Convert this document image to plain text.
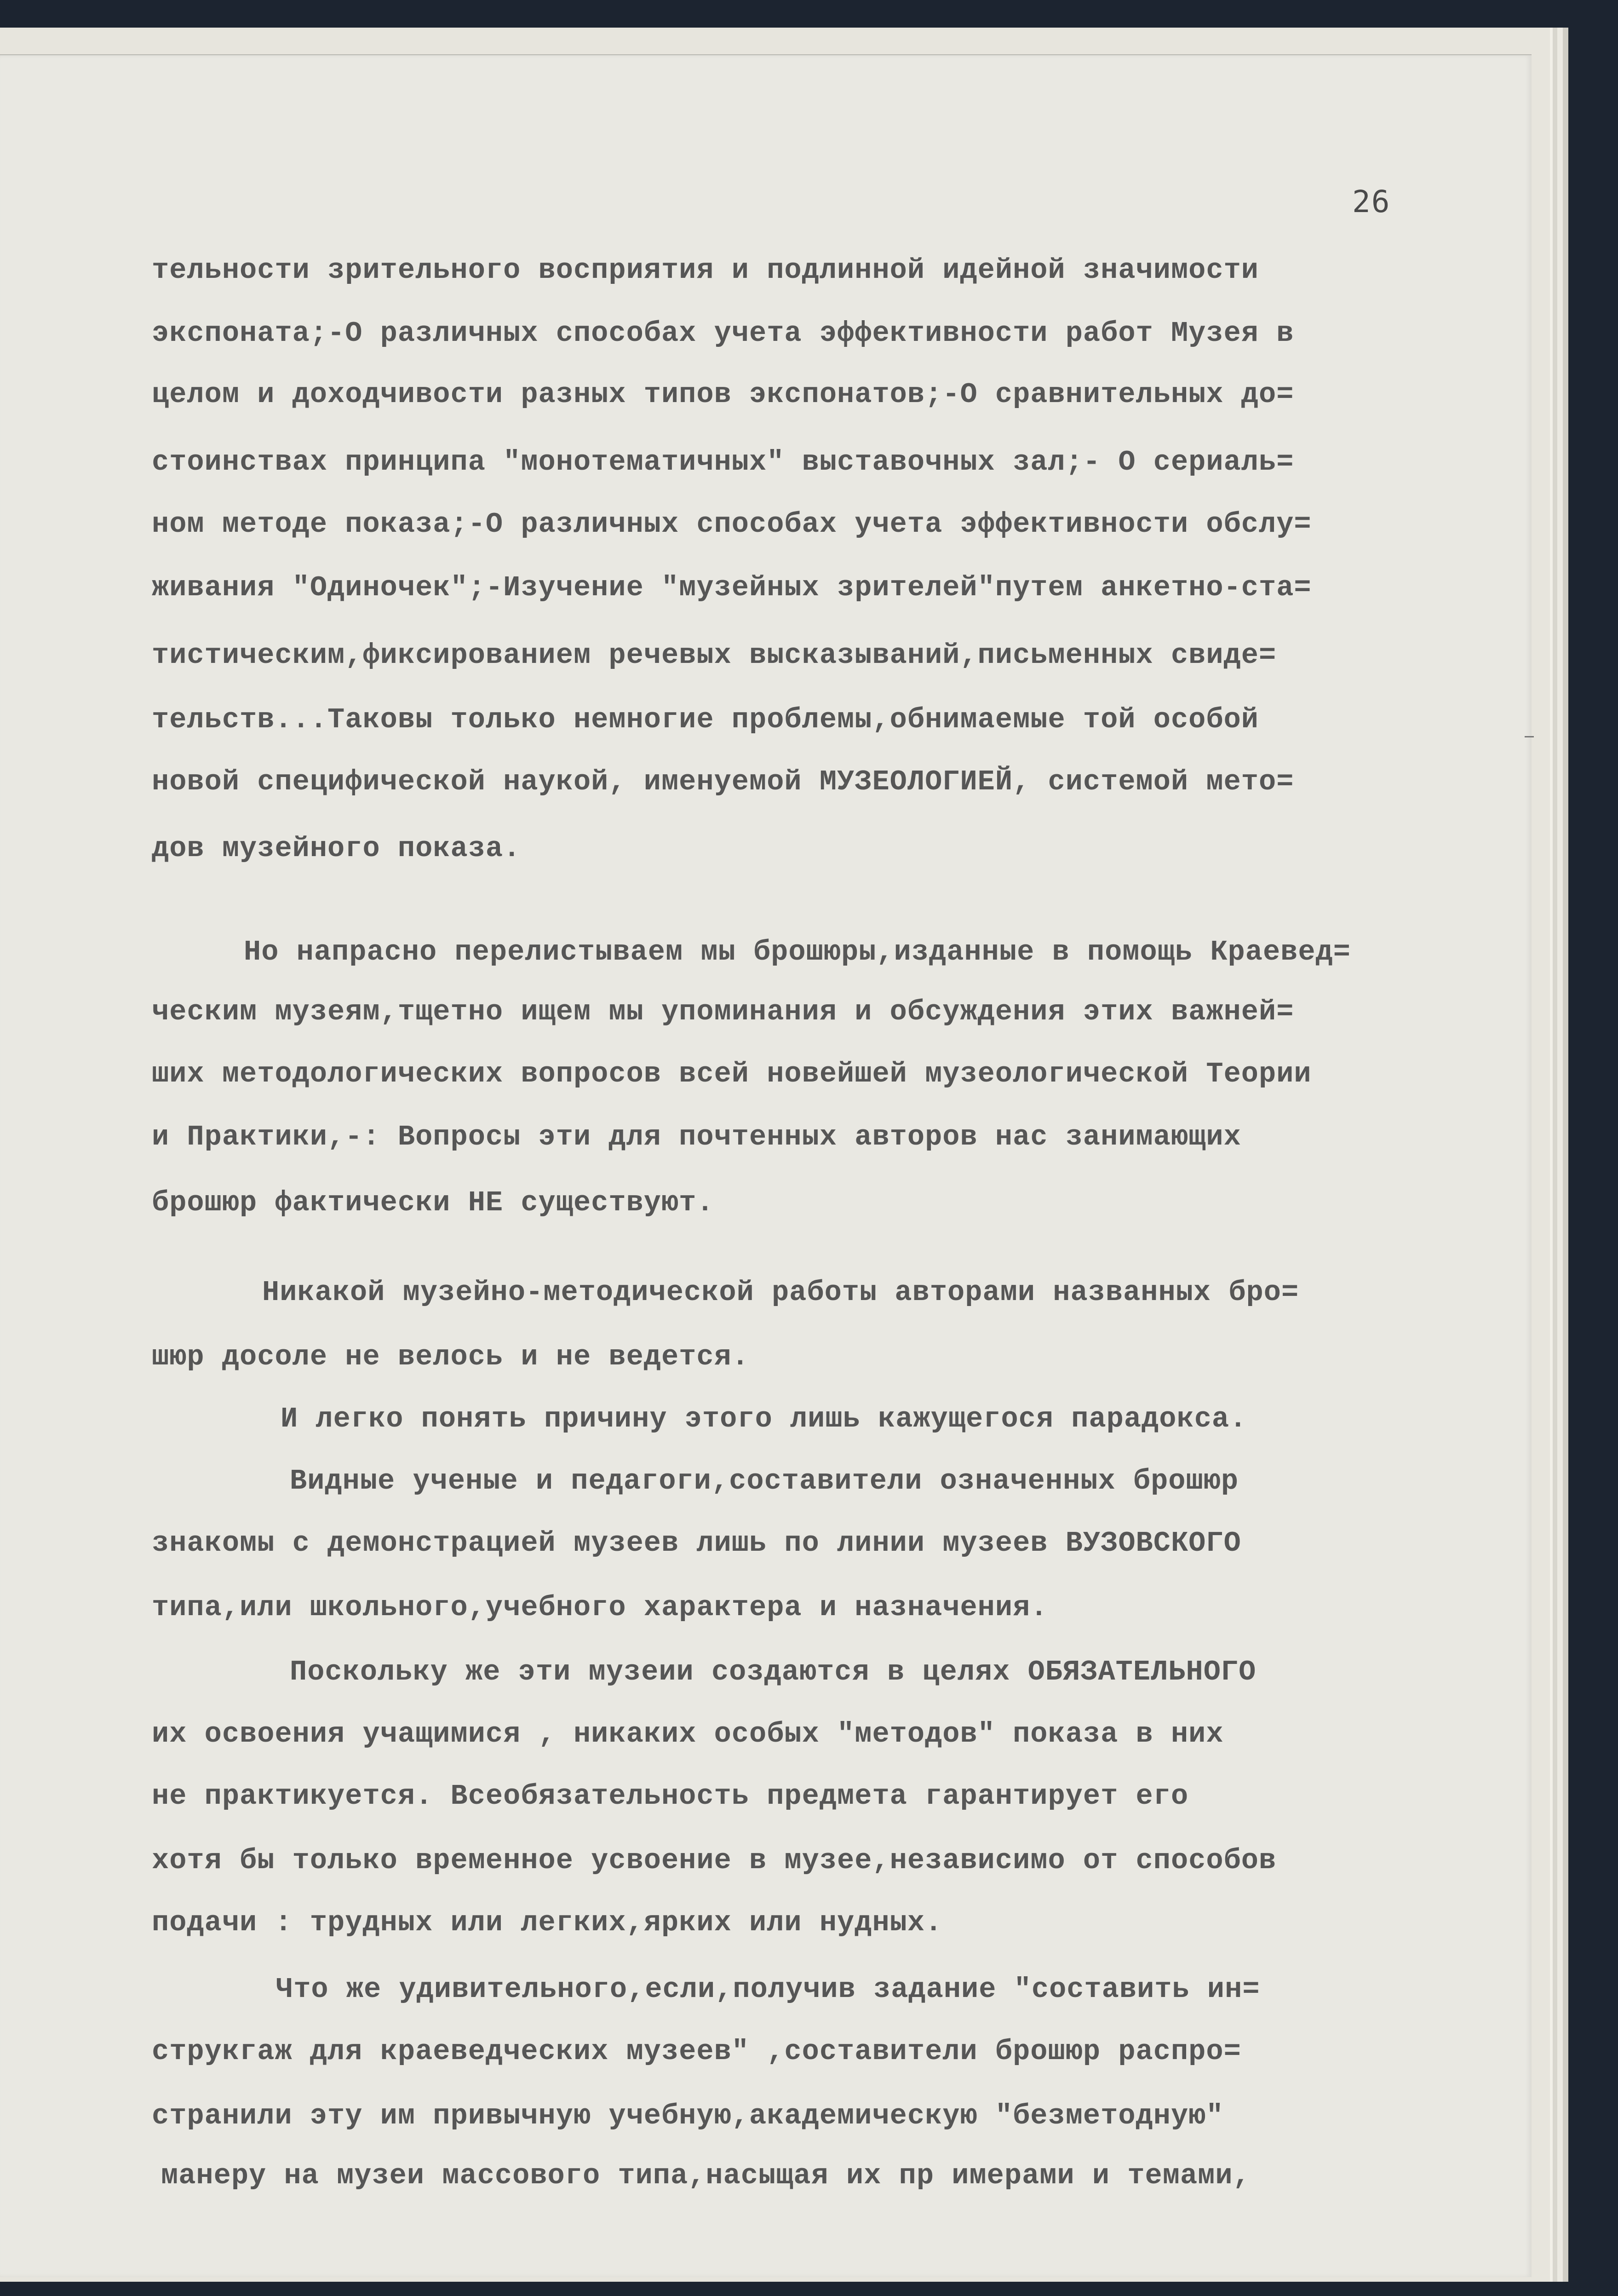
26
тельности зрительного восприятия и подлинной идейной значимости
экспоната;-О различных способах учета эффективности работ Музея в
целом и доходчивости разных типов экспонатов;-О сравнительных до=
стоинствах принципа "монотематичных" выставочных зал;- О сериаль=
ном методе показа;-О различных способах учета эффективности обслу=
живания "Одиночек";-Изучение "музейных зрителей"путем анкетно-ста=
тистическим,фиксированием речевых высказываний,письменных свиде=
тельств...Таковы только немногие проблемы,обнимаемые той особой
новой специфической наукой, именуемой МУЗЕОЛОГИЕЙ, системой мето=
дов музейного показа.
Но напрасно перелистываем мы брошюры,изданные в помощь Краевед=
ческим музеям,тщетно ищем мы упоминания и обсуждения этих важней=
ших методологических вопросов всей новейшей музеологической Теории
и Практики,-: Вопросы эти для почтенных авторов нас занимающих
брошюр фактически НЕ существуют.
Никакой музейно-методической работы авторами названных бро=
шюр досоле не велось и не ведется.
И легко понять причину этого лишь кажущегося парадокса.
Видные ученые и педагоги,составители означенных брошюр
знакомы с демонстрацией музеев лишь по линии музеев ВУЗОВСКОГО
типа,или школьного,учебного характера и назначения.
Поскольку же эти музеии создаются в целях ОБЯЗАТЕЛЬНОГО
их освоения учащимися , никаких особых "методов" показа в них
не практикуется. Всеобязательность предмета гарантирует его
хотя бы только временное усвоение в музее,независимо от способов
подачи : трудных или легких,ярких или нудных.
Что же удивительного,если,получив задание "составить ин=
струкгаж для краеведческих музеев" ,составители брошюр распро=
странили эту им привычную учебную,академическую "безметодную"
манеру на музеи массового типа,насыщая их пр имерами и темами,
